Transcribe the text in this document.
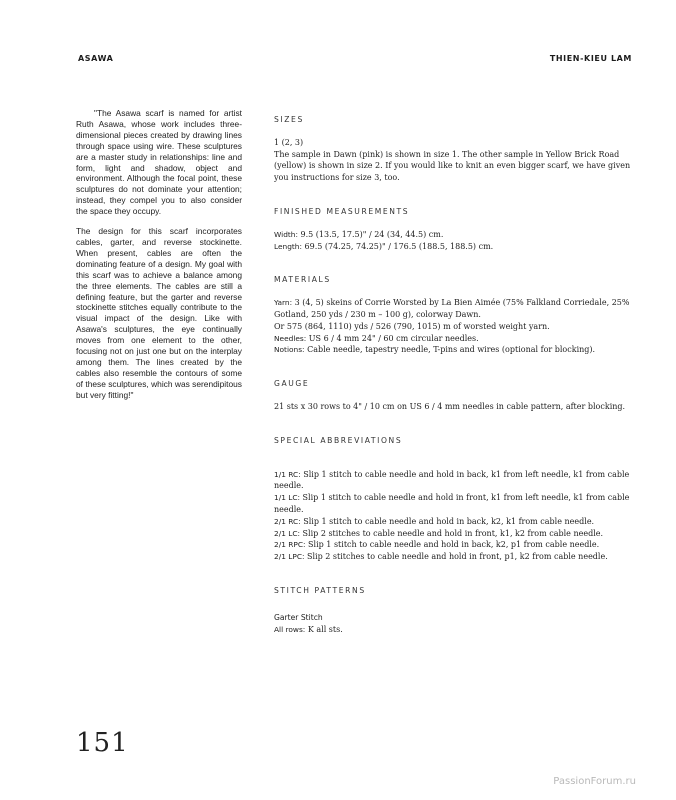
ASAWA	THIEN-KIEU LAM

"The Asawa scarf is named for artist Ruth Asawa, whose work includes three-dimensional pieces created by drawing lines through space using wire. These sculptures are a master study in relationships: line and form, light and shadow, object and environment. Although the focal point, these sculptures do not dominate your attention; instead, they compel you to also consider the space they occupy.

The design for this scarf incorporates cables, garter, and reverse stockinette. When present, cables are often the dominating feature of a design. My goal with this scarf was to achieve a balance among the three elements. The cables are still a defining feature, but the garter and reverse stockinette stitches equally contribute to the visual impact of the design. Like with Asawa's sculptures, the eye continually moves from one element to the other, focusing not on just one but on the interplay among them. The lines created by the cables also resemble the contours of some of these sculptures, which was serendipitous but very fitting!"

SIZES

1 (2, 3)

The sample in Dawn (pink) is shown in size 1. The other sample in Yellow Brick Road (yellow) is shown in size 2. If you would like to knit an even bigger scarf, we have given you instructions for size 3, too.

FINISHED MEASUREMENTS

Width: 9.5 (13.5, 17.5)" / 24 (34, 44.5) cm.

Length: 69.5 (74.25, 74.25)" / 176.5 (188.5, 188.5) cm.

MATERIALS

Yarn: 3 (4, 5) skeins of Corrie Worsted by La Bien Aimée (75% Falkland Corriedale, 25% Gotland, 250 yds / 230 m – 100 g), colorway Dawn.

Or 575 (864, 1110) yds / 526 (790, 1015) m of worsted weight yarn.

Needles: US 6 / 4 mm 24" / 60 cm circular needles.

Notions: Cable needle, tapestry needle, T-pins and wires (optional for blocking).

GAUGE

21 sts x 30 rows to 4" / 10 cm on US 6 / 4 mm needles in cable pattern, after blocking.

SPECIAL ABBREVIATIONS

1/1 RC: Slip 1 stitch to cable needle and hold in back, k1 from left needle, k1 from cable needle.

1/1 LC: Slip 1 stitch to cable needle and hold in front, k1 from left needle, k1 from cable needle.

2/1 RC: Slip 1 stitch to cable needle and hold in back, k2, k1 from cable needle.

2/1 LC: Slip 2 stitches to cable needle and hold in front, k1, k2 from cable needle.

2/1 RPC: Slip 1 stitch to cable needle and hold in back, k2, p1 from cable needle.

2/1 LPC: Slip 2 stitches to cable needle and hold in front, p1, k2 from cable needle.

STITCH PATTERNS

Garter Stitch

All rows: K all sts.

151
PassionForum.ru
